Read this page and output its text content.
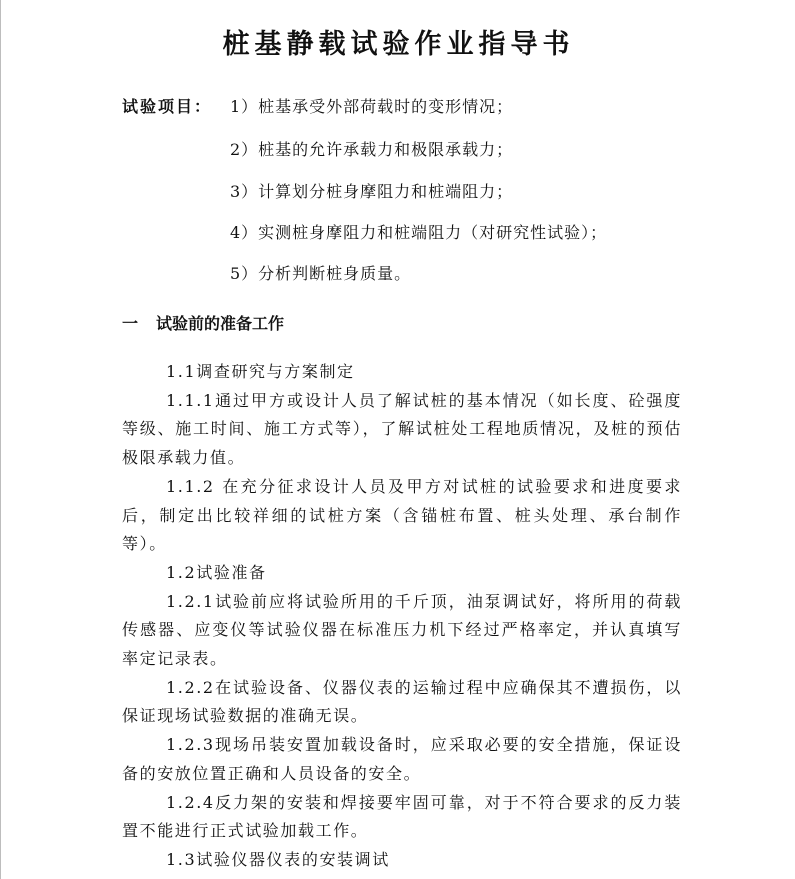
桩基静载试验作业指导书
试验项目： 1）桩基承受外部荷载时的变形情况；
2）桩基的允许承载力和极限承载力；
3）计算划分桩身摩阻力和桩端阻力；
4）实测桩身摩阻力和桩端阻力（对研究性试验）；
5）分析判断桩身质量。
一 试验前的准备工作

1.1调查研究与方案制定

1.1.1通过甲方或设计人员了解试桩的基本情况（如长度、砼强度等级、施工时间、施工方式等），了解试桩处工程地质情况，及桩的预估极限承载力值。

1.1.2 在充分征求设计人员及甲方对试桩的试验要求和进度要求后，制定出比较祥细的试桩方案（含锚桩布置、桩头处理、承台制作等）。

1.2试验准备

1.2.1试验前应将试验所用的千斤顶，油泵调试好，将所用的荷载传感器、应变仪等试验仪器在标准压力机下经过严格率定，并认真填写率定记录表。

1.2.2在试验设备、仪器仪表的运输过程中应确保其不遭损伤，以保证现场试验数据的准确无误。

1.2.3现场吊装安置加载设备时，应采取必要的安全措施，保证设备的安放位置正确和人员设备的安全。

1.2.4反力架的安装和焊接要牢固可靠，对于不符合要求的反力装置不能进行正式试验加载工作。

1.3试验仪器仪表的安装调试
